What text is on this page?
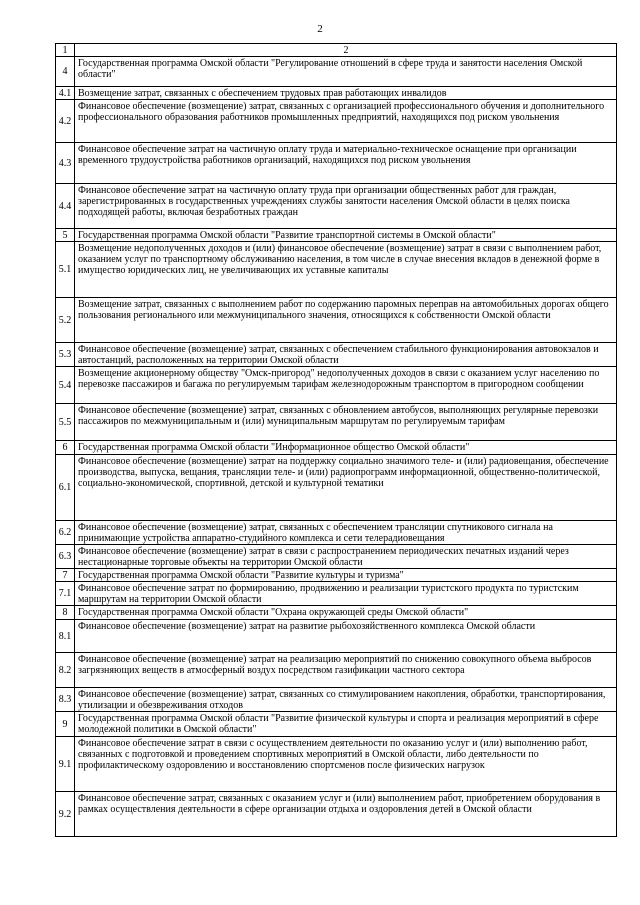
2
1	2
4	Государственная программа Омской области "Регулирование отношений в сфере труда и занятости населения Омской области"
4.1	Возмещение затрат, связанных с обеспечением трудовых прав работающих инвалидов
4.2	Финансовое обеспечение (возмещение) затрат, связанных с организацией профессионального обучения и дополнительного профессионального образования работников промышленных предприятий, находящихся под риском увольнения
4.3	Финансовое обеспечение затрат на частичную оплату труда и материально-техническое оснащение при организации временного трудоустройства работников организаций, находящихся под риском увольнения
4.4	Финансовое обеспечение затрат на частичную оплату труда при организации общественных работ для граждан, зарегистрированных в государственных учреждениях службы занятости населения Омской области в целях поиска подходящей работы, включая безработных граждан
5	Государственная программа Омской области "Развитие транспортной системы в Омской области"
5.1	Возмещение недополученных доходов и (или) финансовое обеспечение (возмещение) затрат в связи с выполнением работ, оказанием услуг по транспортному обслуживанию населения, в том числе в случае внесения вкладов в денежной форме в имущество юридических лиц, не увеличивающих их уставные капиталы
5.2	Возмещение затрат, связанных с выполнением работ по содержанию паромных переправ на автомобильных дорогах общего пользования регионального или межмуниципального значения, относящихся к собственности Омской области
5.3	Финансовое обеспечение (возмещение) затрат, связанных с обеспечением стабильного функционирования автовокзалов и автостанций, расположенных на территории Омской области
5.4	Возмещение акционерному обществу "Омск-пригород" недополученных доходов в связи с оказанием услуг населению по перевозке пассажиров и багажа по регулируемым тарифам железнодорожным транспортом в пригородном сообщении
5.5	Финансовое обеспечение (возмещение) затрат, связанных с обновлением автобусов, выполняющих регулярные перевозки пассажиров по межмуниципальным и (или) муниципальным маршрутам по регулируемым тарифам
6	Государственная программа Омской области "Информационное общество Омской области"
6.1	Финансовое обеспечение (возмещение) затрат на поддержку социально значимого теле- и (или) радиовещания, обеспечение производства, выпуска, вещания, трансляции теле- и (или) радиопрограмм информационной, общественно-политической, социально-экономической, спортивной, детской и культурной тематики
6.2	Финансовое обеспечение (возмещение) затрат, связанных с обеспечением трансляции спутникового сигнала на принимающие устройства аппаратно-студийного комплекса и сети телерадиовещания
6.3	Финансовое обеспечение (возмещение) затрат в связи с распространением периодических печатных изданий через нестационарные торговые объекты на территории Омской области
7	Государственная программа Омской области "Развитие культуры и туризма"
7.1	Финансовое обеспечение затрат по формированию, продвижению и реализации туристского продукта по туристским маршрутам на территории Омской области
8	Государственная программа Омской области "Охрана окружающей среды Омской области"
8.1	Финансовое обеспечение (возмещение) затрат на развитие рыбохозяйственного комплекса Омской области
8.2	Финансовое обеспечение (возмещение) затрат на реализацию мероприятий по снижению совокупного объема выбросов загрязняющих веществ в атмосферный воздух посредством газификации частного сектора
8.3	Финансовое обеспечение (возмещение) затрат, связанных со стимулированием накопления, обработки, транспортирования, утилизации и обезвреживания отходов
9	Государственная программа Омской области "Развитие физической культуры и спорта и реализация мероприятий в сфере молодежной политики в Омской области"
9.1	Финансовое обеспечение затрат в связи с осуществлением деятельности по оказанию услуг и (или) выполнению работ, связанных с подготовкой и проведением спортивных мероприятий в Омской области, либо деятельности по профилактическому оздоровлению и восстановлению спортсменов после физических нагрузок
9.2	Финансовое обеспечение затрат, связанных с оказанием услуг и (или) выполнением работ, приобретением оборудования в рамках осуществления деятельности в сфере организации отдыха и оздоровления детей в Омской области
